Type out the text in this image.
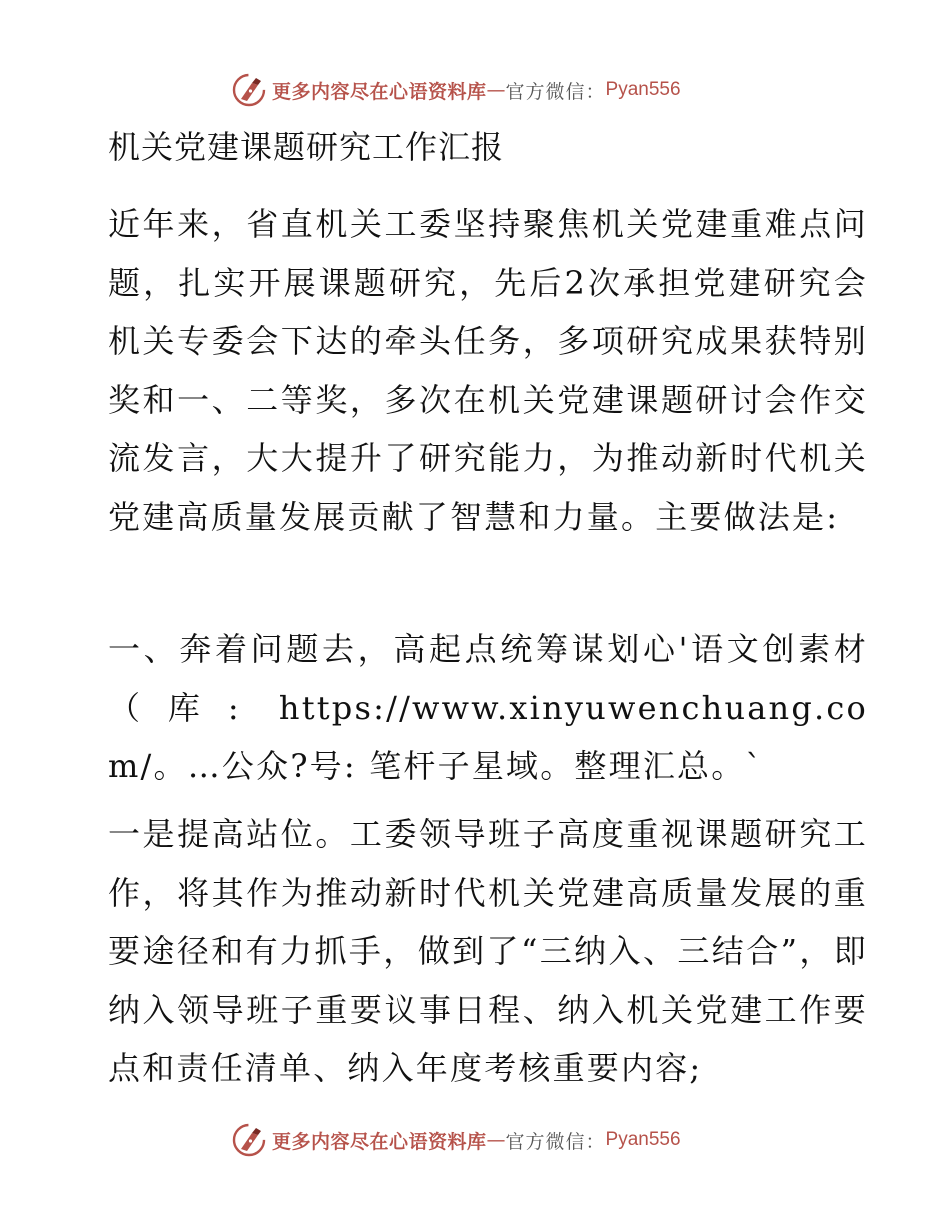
更多内容尽在心语资料库 — 官方微信： Pyan556
机关党建课题研究工作汇报

近年来，省直机关工委坚持聚焦机关党建重难点问题，扎实开展课题研究，先后2次承担党建研究会机关专委会下达的牵头任务，多项研究成果获特别奖和一、二等奖，多次在机关党建课题研讨会作交流发言，大大提升了研究能力，为推动新时代机关党建高质量发展贡献了智慧和力量。主要做法是:

一、奔着问题去，高起点统筹谋划心'语文创素材（库: https://www.xinyuwenchuang.com/。…公众?号: 笔杆子星域。整理汇总。`

一是提高站位。工委领导班子高度重视课题研究工作，将其作为推动新时代机关党建高质量发展的重要途径和有力抓手，做到了“三纳入、三结合”，即纳入领导班子重要议事日程、纳入机关党建工作要点和责任清单、纳入年度考核重要内容;

更多内容尽在心语资料库 — 官方微信： Pyan556
